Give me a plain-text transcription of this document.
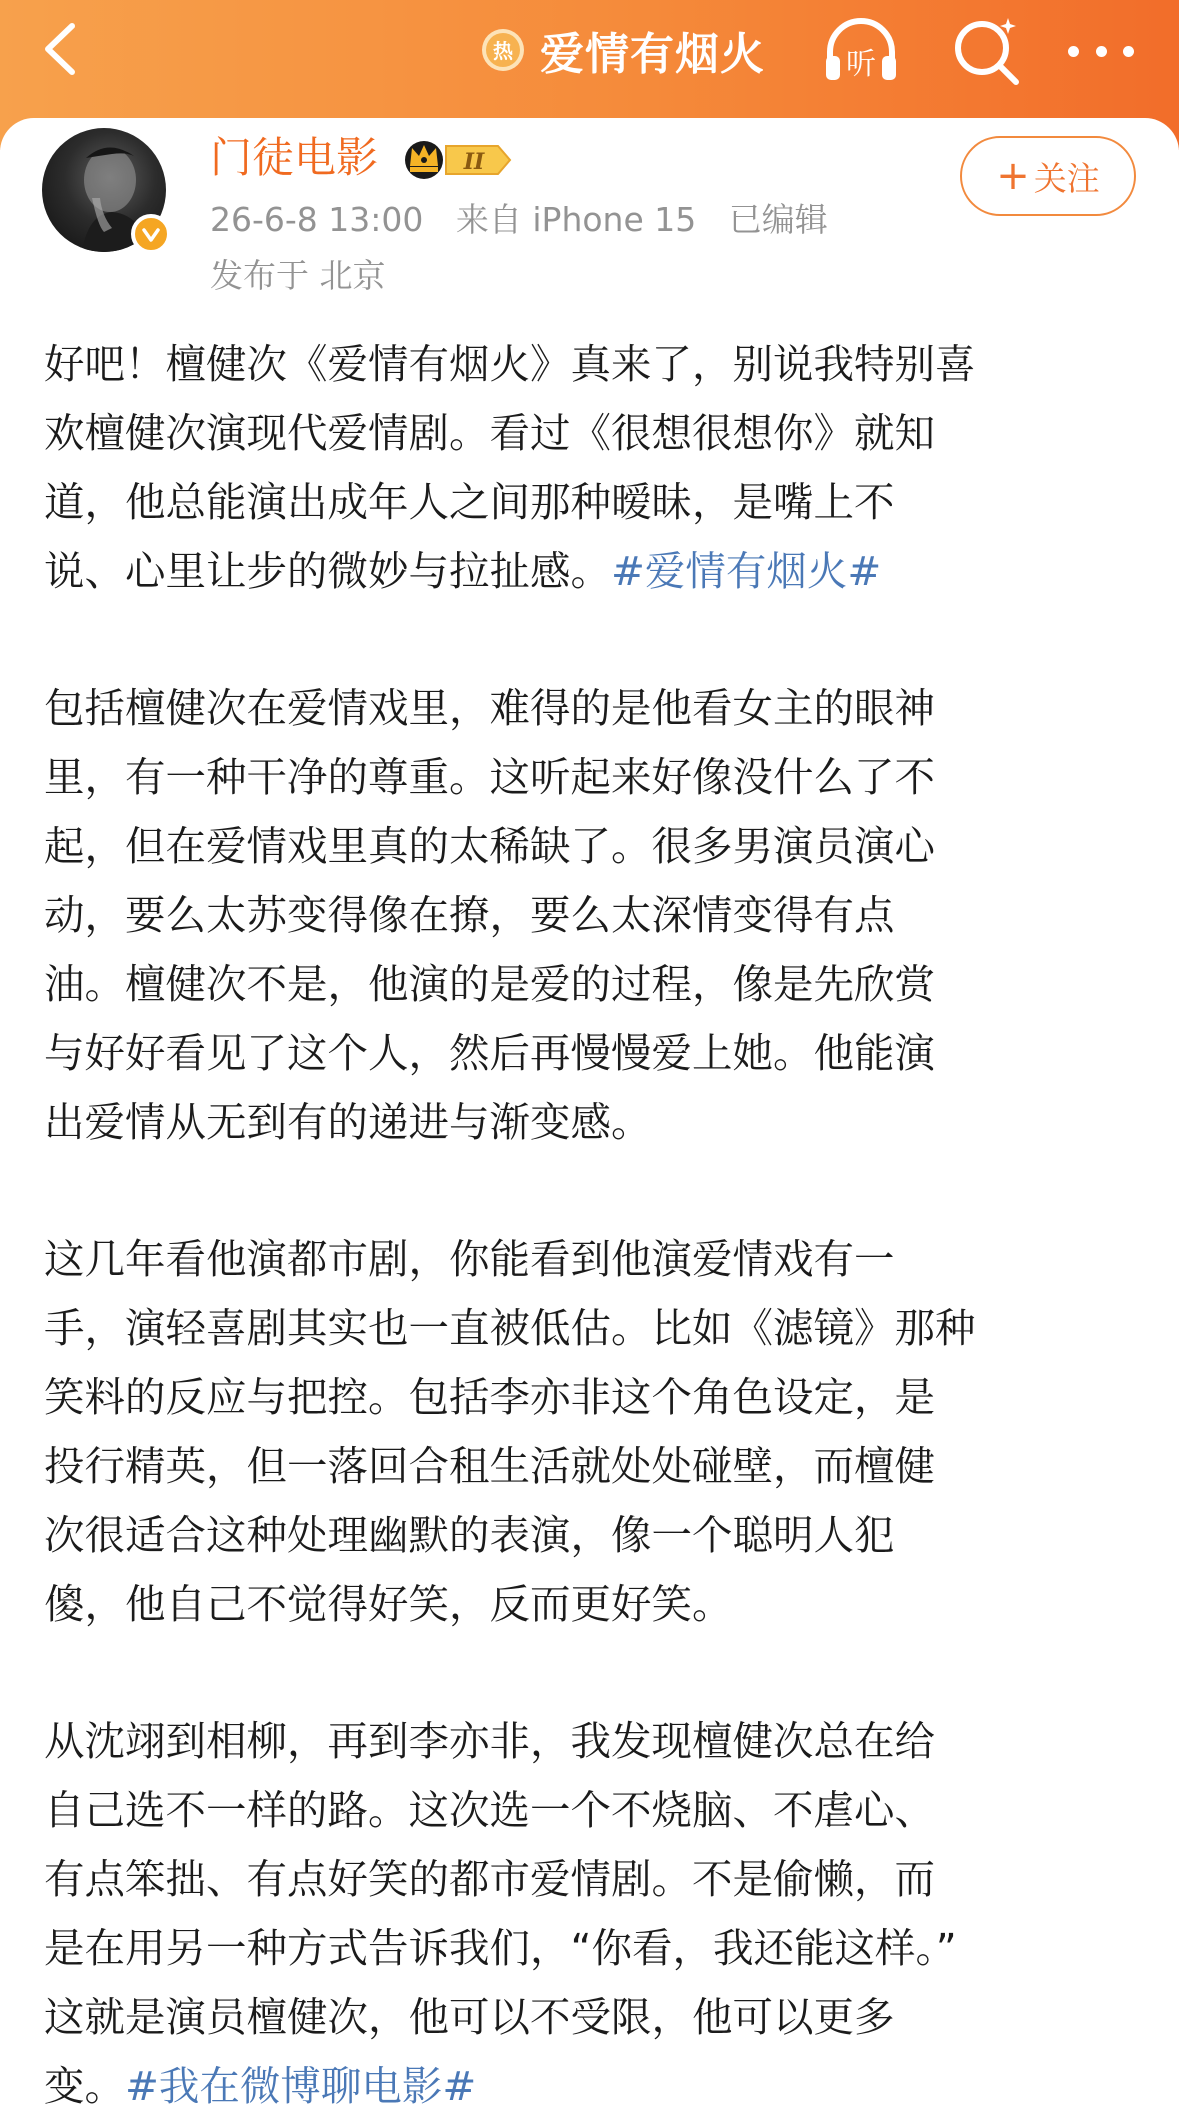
热 爱情有烟火	听
门徒电影	II
26-6-8 13:00 来自 iPhone 15 已编辑
发布于 北京
+ 关注
好吧！檀健次《爱情有烟火》真来了，别说我特别喜
欢檀健次演现代爱情剧。看过《很想很想你》就知
道，他总能演出成年人之间那种暧昧，是嘴上不
说、心里让步的微妙与拉扯感。#爱情有烟火#
包括檀健次在爱情戏里，难得的是他看女主的眼神
里，有一种干净的尊重。这听起来好像没什么了不
起，但在爱情戏里真的太稀缺了。很多男演员演心
动，要么太苏变得像在撩，要么太深情变得有点
油。檀健次不是，他演的是爱的过程，像是先欣赏
与好好看见了这个人，然后再慢慢爱上她。他能演
出爱情从无到有的递进与渐变感。
这几年看他演都市剧，你能看到他演爱情戏有一
手，演轻喜剧其实也一直被低估。比如《滤镜》那种
笑料的反应与把控。包括李亦非这个角色设定，是
投行精英，但一落回合租生活就处处碰壁，而檀健
次很适合这种处理幽默的表演，像一个聪明人犯
傻，他自己不觉得好笑，反而更好笑。
从沈翊到相柳，再到李亦非，我发现檀健次总在给
自己选不一样的路。这次选一个不烧脑、不虐心、
有点笨拙、有点好笑的都市爱情剧。不是偷懒，而
是在用另一种方式告诉我们，“你看，我还能这样。”
这就是演员檀健次，他可以不受限，他可以更多
变。#我在微博聊电影#
